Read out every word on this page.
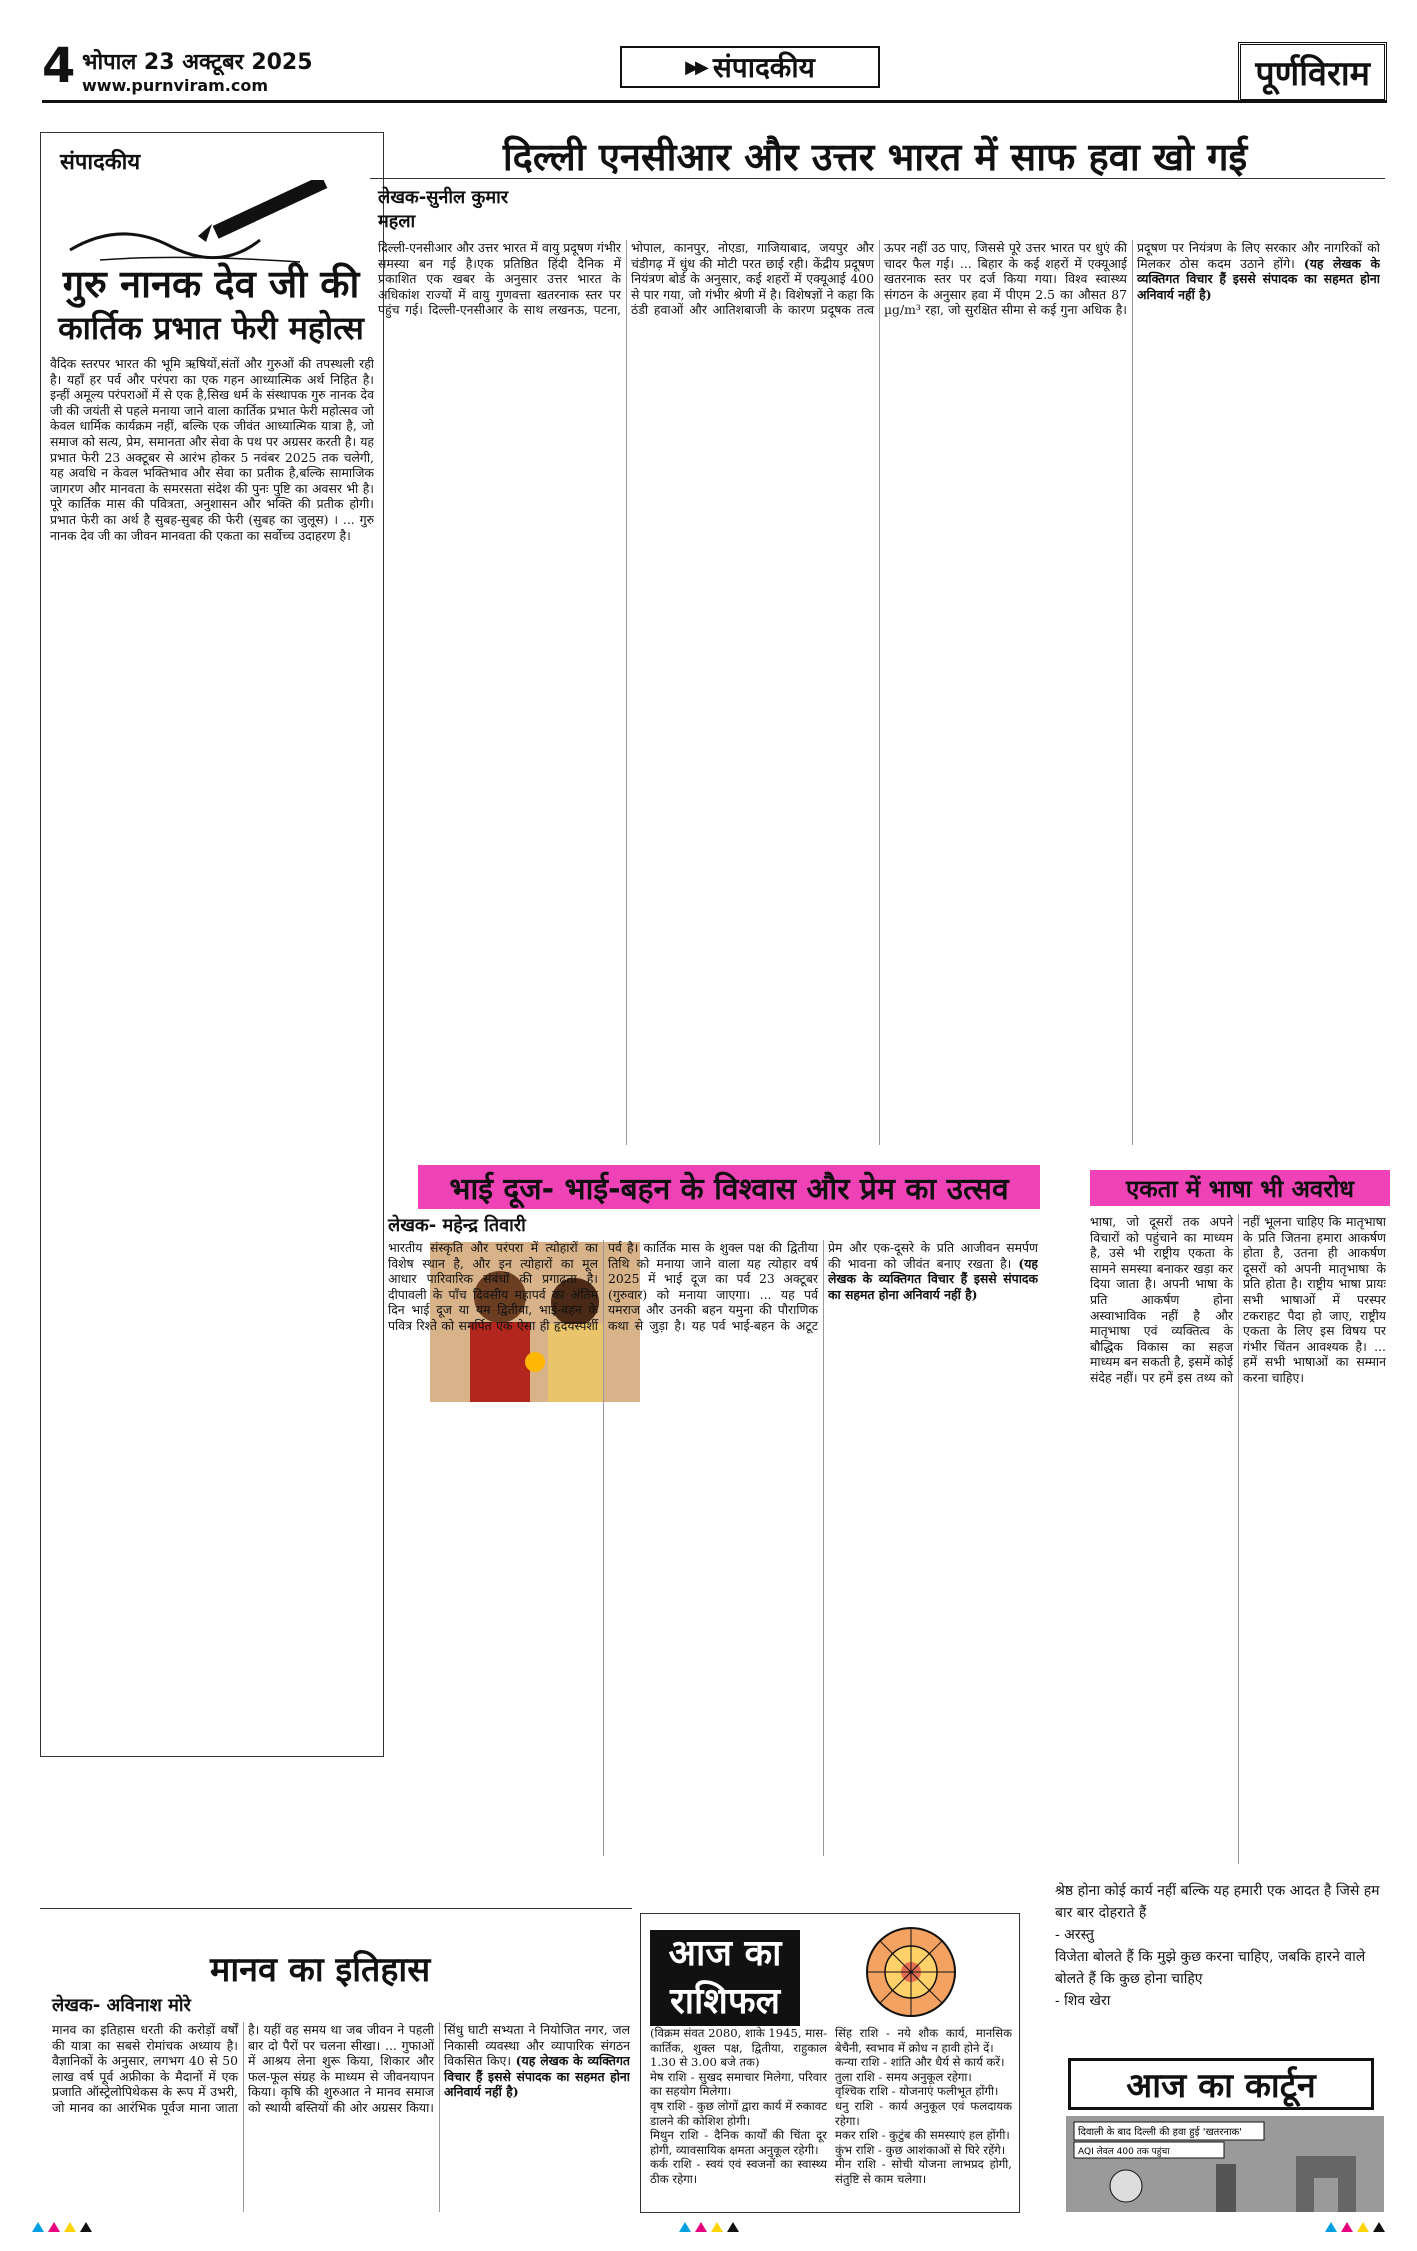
4 भोपाल 23 अक्टूबर 2025
www.purnviram.com
▶▶ संपादकीय	पूर्णविराम
संपादकीय
गुरु नानक देव जी की
कार्तिक प्रभात फेरी महोत्स
वैदिक स्तरपर भारत की भूमि ऋषियों,संतों और गुरुओं की तपस्थली रही है। यहाँ हर पर्व और परंपरा का एक गहन आध्यात्मिक अर्थ निहित है। इन्हीं अमूल्य परंपराओं में से एक है,सिख धर्म के संस्थापक गुरु नानक देव जी की जयंती से पहले मनाया जाने वाला कार्तिक प्रभात फेरी महोत्सव जो केवल धार्मिक कार्यक्रम नहीं, बल्कि एक जीवंत आध्यात्मिक यात्रा है, जो समाज को सत्य, प्रेम, समानता और सेवा के पथ पर अग्रसर करती है। यह प्रभात फेरी 23 अक्टूबर से आरंभ होकर 5 नवंबर 2025 तक चलेगी, यह अवधि न केवल भक्तिभाव और सेवा का प्रतीक है,बल्कि सामाजिक जागरण और मानवता के समरसता संदेश की पुनः पुष्टि का अवसर भी है।पूरे कार्तिक मास की पवित्रता, अनुशासन और भक्ति की प्रतीक होगी।प्रभात फेरी का अर्थ है सुबह-सुबह की फेरी (सुबह का जुलूस) । ... गुरु नानक देव जी का जीवन मानवता की एकता का सर्वोच्च उदाहरण है।
दिल्ली एनसीआर और उत्तर भारत में साफ हवा खो गई
लेखक-सुनील कुमार महला
दिल्ली-एनसीआर और उत्तर भारत में वायु प्रदूषण गंभीर समस्या बन गई है।एक प्रतिष्ठित हिंदी दैनिक में प्रकाशित एक खबर के अनुसार उत्तर भारत के अधिकांश राज्यों में वायु गुणवत्ता खतरनाक स्तर पर पहुंच गई। दिल्ली-एनसीआर के साथ लखनऊ, पटना, भोपाल, कानपुर, नोएडा, गाजियाबाद, जयपुर और चंडीगढ़ में धुंध की मोटी परत छाई रही। केंद्रीय प्रदूषण नियंत्रण बोर्ड के अनुसार, कई शहरों में एक्यूआई 400 से पार गया, जो गंभीर श्रेणी में है। विशेषज्ञों ने कहा कि ठंडी हवाओं और आतिशबाजी के कारण प्रदूषक तत्व ऊपर नहीं उठ पाए, जिससे पूरे उत्तर भारत पर धुएं की चादर फैल गई। ... बिहार के कई शहरों में एक्यूआई खतरनाक स्तर पर दर्ज किया गया। विश्व स्वास्थ्य संगठन के अनुसार हवा में पीएम 2.5 का औसत 87 µg/m³ रहा, जो सुरक्षित सीमा से कई गुना अधिक है। प्रदूषण पर नियंत्रण के लिए सरकार और नागरिकों को मिलकर ठोस कदम उठाने होंगे। (यह लेखक के व्यक्तिगत विचार हैं इससे संपादक का सहमत होना अनिवार्य नहीं है)
भाई दूज- भाई-बहन के विश्वास और प्रेम का उत्सव
लेखक- महेन्द्र तिवारी
भारतीय संस्कृति और परंपरा में त्योहारों का विशेष स्थान है, और इन त्योहारों का मूल आधार पारिवारिक संबंधों की प्रगाढ़ता है। दीपावली के पाँच दिवसीय महापर्व का अंतिम दिन भाई दूज या यम द्वितीया, भाई-बहन के पवित्र रिश्ते को समर्पित एक ऐसा ही हृदयस्पर्शी पर्व है। कार्तिक मास के शुक्ल पक्ष की द्वितीया तिथि को मनाया जाने वाला यह त्योहार वर्ष 2025 में भाई दूज का पर्व 23 अक्टूबर (गुरुवार) को मनाया जाएगा। ... यह पर्व यमराज और उनकी बहन यमुना की पौराणिक कथा से जुड़ा है। यह पर्व भाई-बहन के अटूट प्रेम और एक-दूसरे के प्रति आजीवन समर्पण की भावना को जीवंत बनाए रखता है। (यह लेखक के व्यक्तिगत विचार हैं इससे संपादक का सहमत होना अनिवार्य नहीं है)
एकता में भाषा भी अवरोध
भाषा, जो दूसरों तक अपने विचारों को पहुंचाने का माध्यम है, उसे भी राष्ट्रीय एकता के सामने समस्या बनाकर खड़ा कर दिया जाता है। अपनी भाषा के प्रति आकर्षण होना अस्वाभाविक नहीं है और मातृभाषा एवं व्यक्तित्व के बौद्धिक विकास का सहज माध्यम बन सकती है, इसमें कोई संदेह नहीं। पर हमें इस तथ्य को नहीं भूलना चाहिए कि मातृभाषा के प्रति जितना हमारा आकर्षण होता है, उतना ही आकर्षण दूसरों को अपनी मातृभाषा के प्रति होता है। राष्ट्रीय भाषा प्रायः सभी भाषाओं में परस्पर टकराहट पैदा हो जाए, राष्ट्रीय एकता के लिए इस विषय पर गंभीर चिंतन आवश्यक है। ... हमें सभी भाषाओं का सम्मान करना चाहिए।
श्रेष्ठ होना कोई कार्य नहीं बल्कि यह हमारी एक आदत है जिसे हम बार बार दोहराते हैं
- अरस्तु
विजेता बोलते हैं कि मुझे कुछ करना चाहिए, जबकि हारने वाले बोलते हैं कि कुछ होना चाहिए
- शिव खेरा
आज का कार्टून
दिवाली के बाद दिल्ली की हवा हुई 'खतरनाक'
AQI लेवल 400 तक पहुंचा
मानव का इतिहास
लेखक- अविनाश मोरे
मानव का इतिहास धरती की करोड़ों वर्षों की यात्रा का सबसे रोमांचक अध्याय है। वैज्ञानिकों के अनुसार, लगभग 40 से 50 लाख वर्ष पूर्व अफ्रीका के मैदानों में एक प्रजाति ऑस्ट्रेलोपिथेकस के रूप में उभरी, जो मानव का आरंभिक पूर्वज माना जाता है। यहीं वह समय था जब जीवन ने पहली बार दो पैरों पर चलना सीखा। ... गुफाओं में आश्रय लेना शुरू किया, शिकार और फल-फूल संग्रह के माध्यम से जीवनयापन किया। कृषि की शुरुआत ने मानव समाज को स्थायी बस्तियों की ओर अग्रसर किया। सिंधु घाटी सभ्यता ने नियोजित नगर, जल निकासी व्यवस्था और व्यापारिक संगठन विकसित किए। (यह लेखक के व्यक्तिगत विचार हैं इससे संपादक का सहमत होना अनिवार्य नहीं है)
आज का
राशिफल
(विक्रम संवत 2080, शाके 1945, मास-कार्तिक, शुक्ल पक्ष, द्वितीया, राहुकाल 1.30 से 3.00 बजे तक)
मेष राशि - सुखद समाचार मिलेगा, परिवार का सहयोग मिलेगा।
वृष राशि - कुछ लोगों द्वारा कार्य में रुकावट डालने की कोशिश होगी।
मिथुन राशि - दैनिक कार्यों की चिंता दूर होगी, व्यावसायिक क्षमता अनुकूल रहेगी।
कर्क राशि - स्वयं एवं स्वजनों का स्वास्थ्य ठीक रहेगा।
सिंह राशि - नये शौक कार्य, मानसिक बेचैनी, स्वभाव में क्रोध न हावी होने दें।
कन्या राशि - शांति और धैर्य से कार्य करें।
तुला राशि - समय अनुकूल रहेगा।
वृश्चिक राशि - योजनाएं फलीभूत होंगी।
धनु राशि - कार्य अनुकूल एवं फलदायक रहेगा।
मकर राशि - कुटुंब की समस्याएं हल होंगी।
कुंभ राशि - कुछ आशंकाओं से घिरे रहेंगे।
मीन राशि - सोची योजना लाभप्रद होगी, संतुष्टि से काम चलेगा।
